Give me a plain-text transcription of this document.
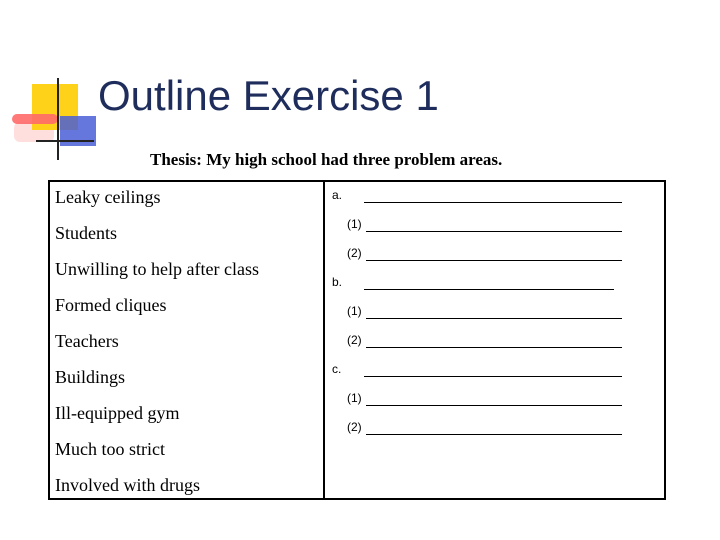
Outline Exercise 1
Thesis: My high school had three problem areas.
Leaky ceilings
Students
Unwilling to help after class
Formed cliques
Teachers
Buildings
Ill-equipped gym
Much too strict
Involved with drugs
a.
(1)
(2)
b.
(1)
(2)
c.
(1)
(2)
